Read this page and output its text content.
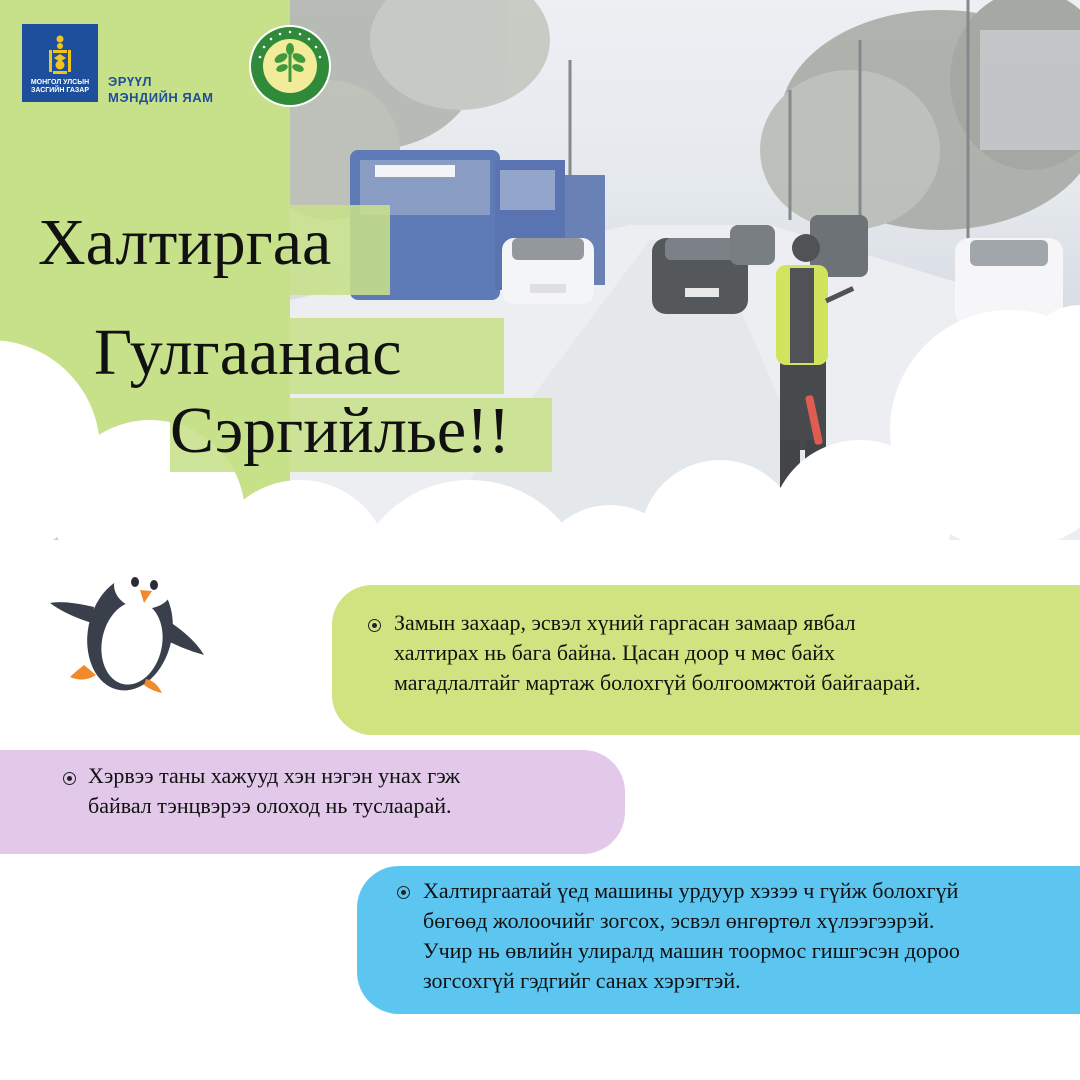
МОНГОЛ УЛСЫН ЗАСГИЙН ГАЗАР
ЭРҮҮЛ
МЭНДИЙН ЯАМ
Халтиргаа
Гулгаанаас
Сэргийлье!!
Замын захаар, эсвэл хүний гаргасан замаар явбал
халтирах нь бага байна. Цасан доор ч мөс байх
магадлалтайг мартаж болохгүй болгоомжтой байгаарай.
Хэрвээ таны хажууд хэн нэгэн унах гэж
байвал тэнцвэрээ олоход нь туслаарай.
Халтиргаатай үед машины урдуур хэзээ ч гүйж болохгүй
бөгөөд жолоочийг зогсох, эсвэл өнгөртөл хүлээгээрэй.
Учир нь өвлийн улиралд машин тоормос гишгэсэн дороо
зогсохгүй гэдгийг санах хэрэгтэй.
